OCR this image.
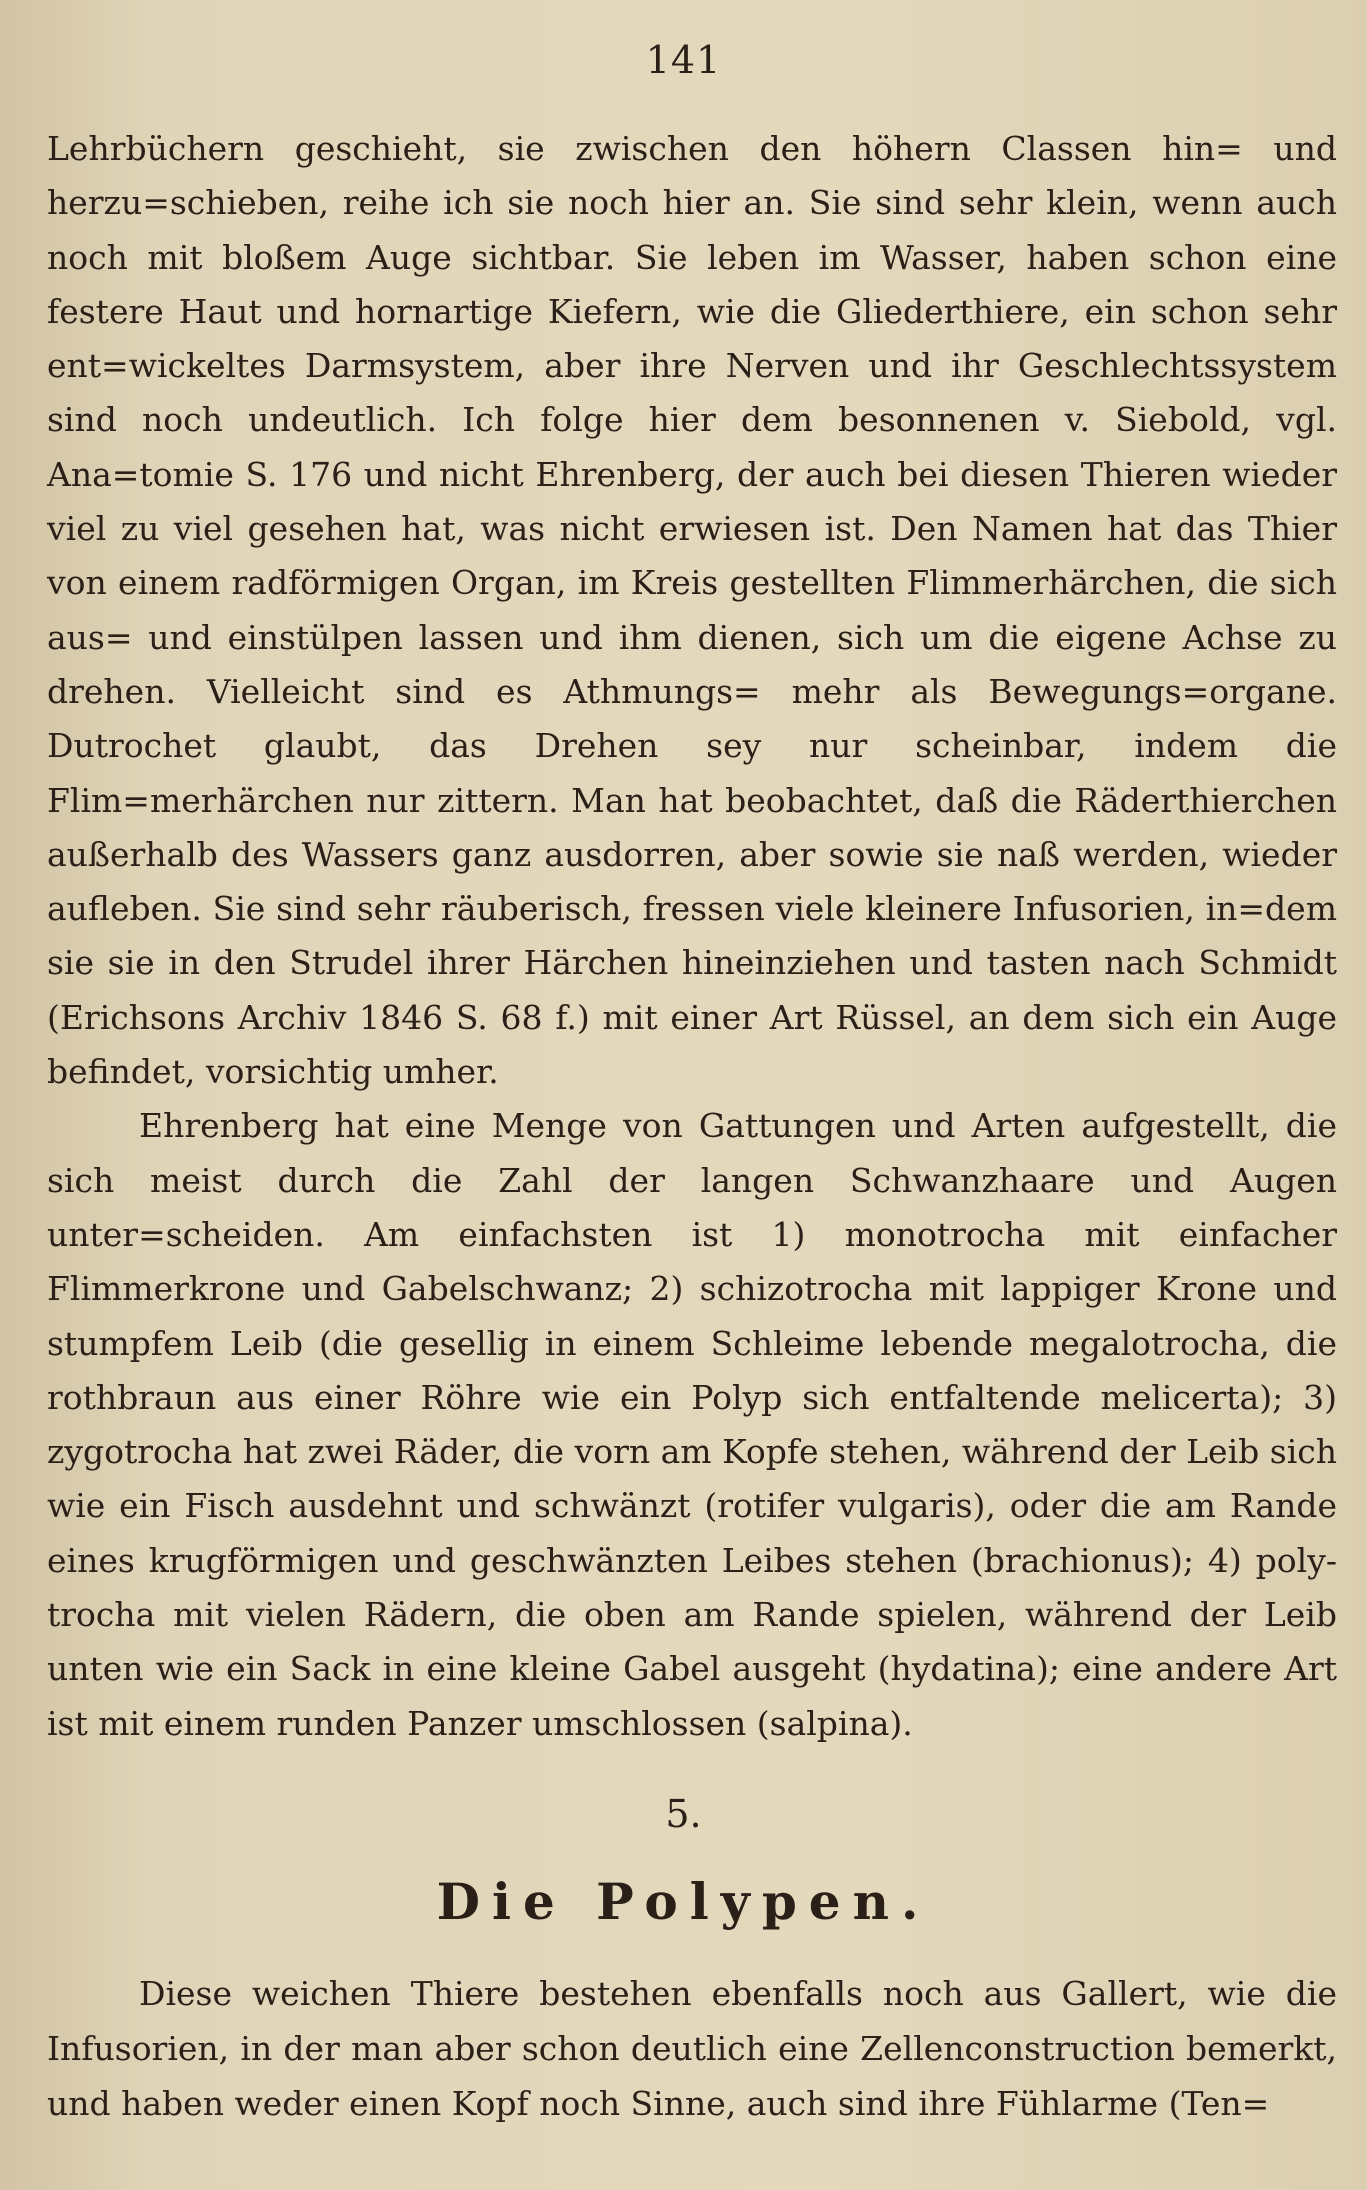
141

Lehrbüchern geschieht, sie zwischen den höhern Classen hin= und herzu=schieben, reihe ich sie noch hier an. Sie sind sehr klein, wenn auch noch mit bloßem Auge sichtbar. Sie leben im Wasser, haben schon eine festere Haut und hornartige Kiefern, wie die Gliederthiere, ein schon sehr ent=wickeltes Darmsystem, aber ihre Nerven und ihr Geschlechtssystem sind noch undeutlich. Ich folge hier dem besonnenen v. Siebold, vgl. Ana=tomie S. 176 und nicht Ehrenberg, der auch bei diesen Thieren wieder viel zu viel gesehen hat, was nicht erwiesen ist. Den Namen hat das Thier von einem radförmigen Organ, im Kreis gestellten Flimmerhärchen, die sich aus= und einstülpen lassen und ihm dienen, sich um die eigene Achse zu drehen. Vielleicht sind es Athmungs= mehr als Bewegungs=organe. Dutrochet glaubt, das Drehen sey nur scheinbar, indem die Flim=merhärchen nur zittern. Man hat beobachtet, daß die Räderthierchen außerhalb des Wassers ganz ausdorren, aber sowie sie naß werden, wieder aufleben. Sie sind sehr räuberisch, fressen viele kleinere Infusorien, in=dem sie sie in den Strudel ihrer Härchen hineinziehen und tasten nach Schmidt (Erichsons Archiv 1846 S. 68 f.) mit einer Art Rüssel, an dem sich ein Auge befindet, vorsichtig umher.

Ehrenberg hat eine Menge von Gattungen und Arten aufgestellt, die sich meist durch die Zahl der langen Schwanzhaare und Augen unter=scheiden. Am einfachsten ist 1) monotrocha mit einfacher Flimmerkrone und Gabelschwanz; 2) schizotrocha mit lappiger Krone und stumpfem Leib (die gesellig in einem Schleime lebende megalotrocha, die rothbraun aus einer Röhre wie ein Polyp sich entfaltende melicerta); 3) zygotrocha hat zwei Räder, die vorn am Kopfe stehen, während der Leib sich wie ein Fisch ausdehnt und schwänzt (rotifer vulgaris), oder die am Rande eines krugförmigen und geschwänzten Leibes stehen (brachionus); 4) poly-trocha mit vielen Rädern, die oben am Rande spielen, während der Leib unten wie ein Sack in eine kleine Gabel ausgeht (hydatina); eine andere Art ist mit einem runden Panzer umschlossen (salpina).

5.
Die Polypen.

Diese weichen Thiere bestehen ebenfalls noch aus Gallert, wie die Infusorien, in der man aber schon deutlich eine Zellenconstruction bemerkt, und haben weder einen Kopf noch Sinne, auch sind ihre Fühlarme (Ten=
